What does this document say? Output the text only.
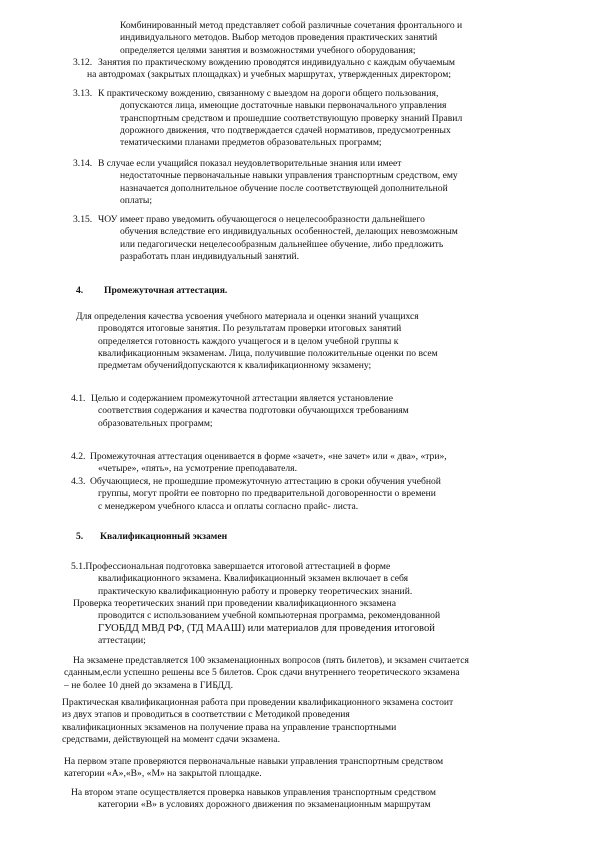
Комбинированный метод представляет собой различные сочетания фронтального и
индивидуального методов. Выбор методов проведения практических занятий
определяется целями занятия и возможностями учебного оборудования;
3.12. Занятия по практическому вождению проводятся индивидуально с каждым обучаемым
на автодромах (закрытых площадках) и учебных маршрутах, утвержденных директором;
3.13. К практическому вождению, связанному с выездом на дороги общего пользования,
допускаются лица, имеющие достаточные навыки первоначального управления
транспортным средством и прошедшие соответствующую проверку знаний Правил
дорожного движения, что подтверждается сдачей нормативов, предусмотренных
тематическими планами предметов образовательных программ;
3.14. В случае если учащийся показал неудовлетворительные знания или имеет
недостаточные первоначальные навыки управления транспортным средством, ему
назначается дополнительное обучение после соответствующей дополнительной
оплаты;
3.15. ЧОУ имеет право уведомить обучающегося о нецелесообразности дальнейшего
обучения вследствие его индивидуальных особенностей, делающих невозможным
или педагогически нецелесообразным дальнейшее обучение, либо предложить
разработать план индивидуальный занятий.
4. Промежуточная аттестация.
Для определения качества усвоения учебного материала и оценки знаний учащихся
проводятся итоговые занятия. По результатам проверки итоговых занятий
определяется готовность каждого учащегося и в целом учебной группы к
квалификационным экзаменам. Лица, получившие положительные оценки по всем
предметам обученийдопускаются к квалификационному экзамену;
4.1. Целью и содержанием промежуточной аттестации является установление
соответствия содержания и качества подготовки обучающихся требованиям
образовательных программ;
4.2. Промежуточная аттестация оценивается в форме «зачет», «не зачет» или « два», «три»,
«четыре», «пять», на усмотрение преподавателя.
4.3. Обучающиеся, не прошедшие промежуточную аттестацию в сроки обучения учебной
группы, могут пройти ее повторно по предварительной договоренности о времени
с менеджером учебного класса и оплаты согласно прайс- листа.
5. Квалификационный экзамен
5.1.Профессиональная подготовка завершается итоговой аттестацией в форме
квалификационного экзамена. Квалификационный экзамен включает в себя
практическую квалификационную работу и проверку теоретических знаний.
Проверка теоретических знаний при проведении квалификационного экзамена
проводится с использованием учебной компьютерная программа, рекомендованной
ГУОБДД МВД РФ, (ТД МААШ) или материалов для проведения итоговой
аттестации;
На экзамене представляется 100 экзаменационных вопросов (пять билетов), и экзамен считается
сданным,если успешно решены все 5 билетов. Срок сдачи внутреннего теоретического экзамена
– не более 10 дней до экзамена в ГИБДД.
Практическая квалификационная работа при проведении квалификационного экзамена состоит
из двух этапов и проводиться в соответствии с Методикой проведения
квалификационных экзаменов на получение права на управление транспортными
средствами, действующей на момент сдачи экзамена.
На первом этапе проверяются первоначальные навыки управления транспортным средством
категории «А»,«В», «М» на закрытой площадке.
На втором этапе осуществляется проверка навыков управления транспортным средством
категории «В» в условиях дорожного движения по экзаменационным маршрутам
